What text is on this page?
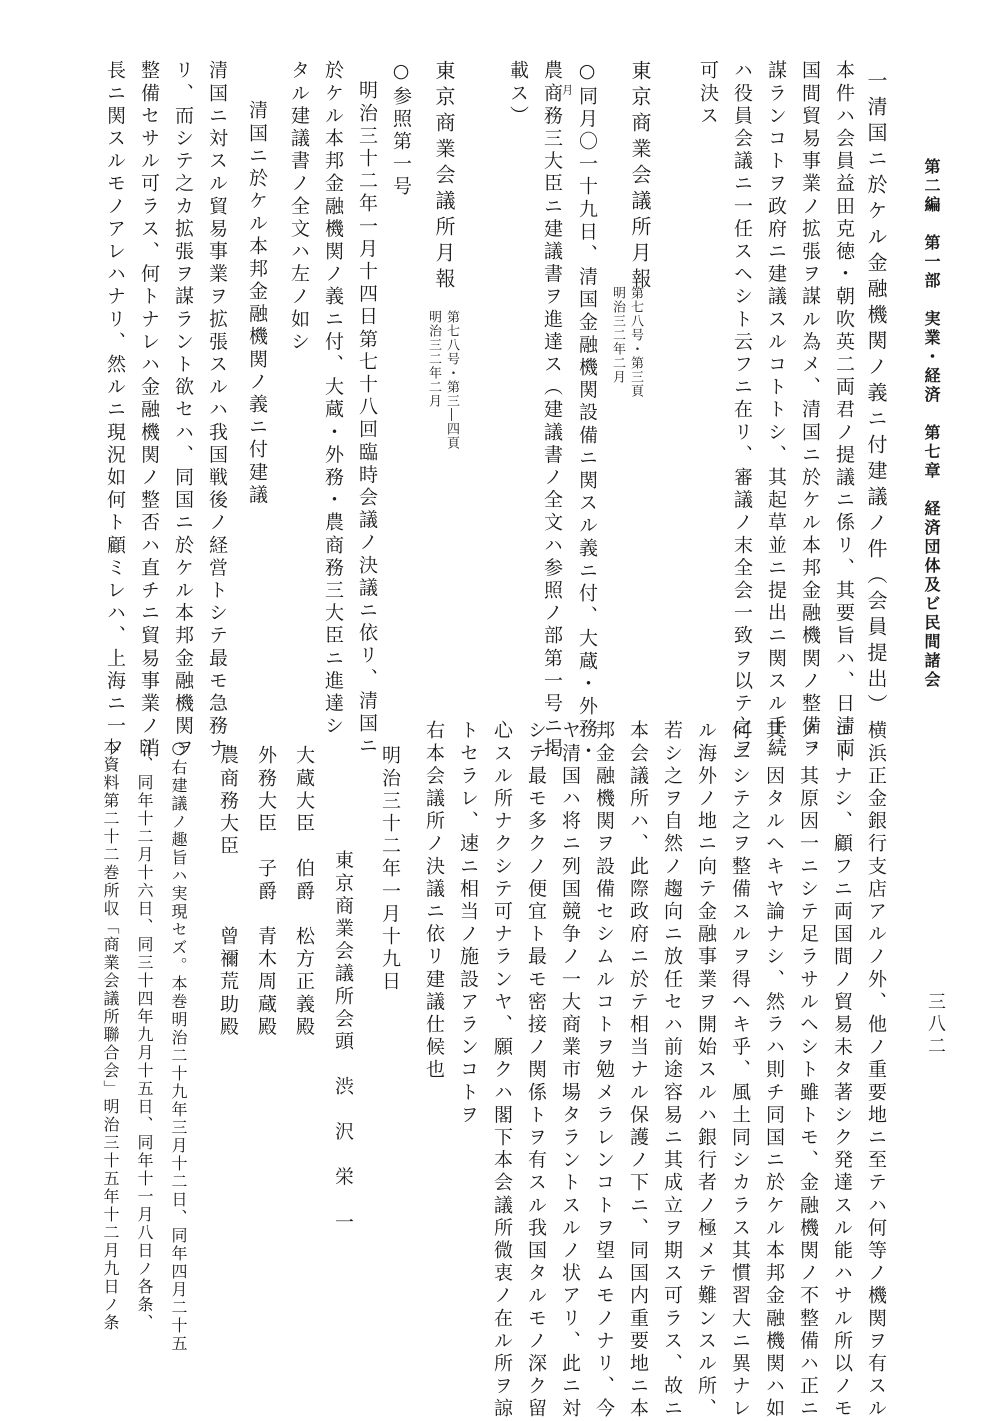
第二編　第一部　実業・経済　第七章　経済団体及ビ民間諸会
三八二
一清国ニ於ケル金融機関ノ義ニ付建議ノ件（会員提出）
本件ハ会員益田克徳・朝吹英二両君ノ提議ニ係リ、其要旨ハ、日清両
国間貿易事業ノ拡張ヲ謀ル為メ、清国ニ於ケル本邦金融機関ノ整備ヲ
謀ランコトヲ政府ニ建議スルコトトシ、其起草並ニ提出ニ関スル手続
ハ役員会議ニ一任スヘシト云フニ在リ、審議ノ末全会一致ヲ以テ之ヲ
可決ス
東京商業会議所月報
第七八号・第三頁
明治三二年二月
○同月〇一十九日、清国金融機関設備ニ関スル義ニ付、大蔵・外務・
月
農商務三大臣ニ建議書ヲ進達ス（建議書ノ全文ハ参照ノ部第一号ニ掲
載ス）
東京商業会議所月報
第七八号・第三―四頁
明治三二年二月
○参照第一号
明治三十二年一月十四日第七十八回臨時会議ノ決議ニ依リ、清国ニ
於ケル本邦金融機関ノ義ニ付、大蔵・外務・農商務三大臣ニ進達シ
タル建議書ノ全文ハ左ノ如シ
清国ニ於ケル本邦金融機関ノ義ニ付建議
清国ニ対スル貿易事業ヲ拡張スルハ我国戦後ノ経営トシテ最モ急務ナ
リ、而シテ之カ拡張ヲ謀ラント欲セハ、同国ニ於ケル本邦金融機関ヲ
整備セサル可ラス、何トナレハ金融機関ノ整否ハ直チニ貿易事業ノ消
長ニ関スルモノアレハナリ、然ルニ現況如何ト顧ミレハ、上海ニ一ノ
横浜正金銀行支店アルノ外、他ノ重要地ニ至テハ何等ノ機関ヲ有スル
コトナシ、顧フニ両国間ノ貿易未タ著シク発達スル能ハサル所以ノモ
ノ、其原因一ニシテ足ラサルヘシト雖トモ、金融機関ノ不整備ハ正ニ
其一因タルヘキヤ論ナシ、然ラハ則チ同国ニ於ケル本邦金融機関ハ如
何ニシテ之ヲ整備スルヲ得ヘキ乎、風土同シカラス其慣習大ニ異ナレ
ル海外ノ地ニ向テ金融事業ヲ開始スルハ銀行者ノ極メテ難ンスル所、
若シ之ヲ自然ノ趨向ニ放任セハ前途容易ニ其成立ヲ期ス可ラス、故ニ
本会議所ハ、此際政府ニ於テ相当ナル保護ノ下ニ、同国内重要地ニ本
邦金融機関ヲ設備セシムルコトヲ勉メラレンコトヲ望ムモノナリ、今
ヤ清国ハ将ニ列国競争ノ一大商業市場タラントスルノ状アリ、此ニ対
シテ最モ多クノ便宜ト最モ密接ノ関係トヲ有スル我国タルモノ深ク留
心スル所ナクシテ可ナランヤ、願クハ閣下本会議所微衷ノ在ル所ヲ諒
トセラレ、速ニ相当ノ施設アランコトヲ
右本会議所ノ決議ニ依リ建議仕候也
明治三十二年一月十九日
東京商業会議所会頭　渋　沢　栄　一
大蔵大臣　伯爵　松方正義殿
外務大臣　子爵　青木周蔵殿
農商務大臣　　　曾禰荒助殿
○右建議ノ趣旨ハ実現セズ。本巻明治二十九年三月十二日、同年四月二十五
日、同年十二月十六日、同三十四年九月十五日、同年十一月八日ノ各条、
本資料第二十二巻所収「商業会議所聯合会」明治三十五年十二月九日ノ条
